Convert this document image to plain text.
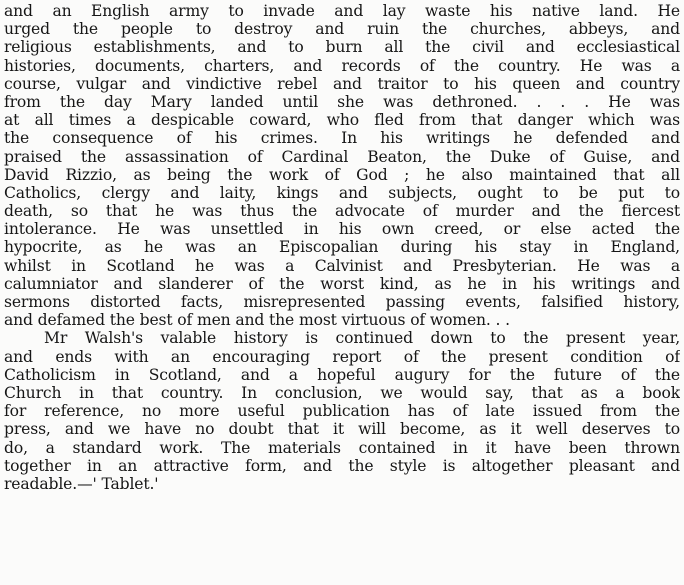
and an English army to invade and lay waste his native land. He
urged the people to destroy and ruin the churches, abbeys, and
religious establishments, and to burn all the civil and ecclesiastical
histories, documents, charters, and records of the country. He was a
course, vulgar and vindictive rebel and traitor to his queen and country
from the day Mary landed until she was dethroned. . . . He was
at all times a despicable coward, who fled from that danger which was
the consequence of his crimes. In his writings he defended and
praised the assassination of Cardinal Beaton, the Duke of Guise, and
David Rizzio, as being the work of God ; he also maintained that all
Catholics, clergy and laity, kings and subjects, ought to be put to
death, so that he was thus the advocate of murder and the fiercest
intolerance. He was unsettled in his own creed, or else acted the
hypocrite, as he was an Episcopalian during his stay in England,
whilst in Scotland he was a Calvinist and Presbyterian. He was a
calumniator and slanderer of the worst kind, as he in his writings and
sermons distorted facts, misrepresented passing events, falsified history,
and defamed the best of men and the most virtuous of women. . .
Mr Walsh's valable history is continued down to the present year,
and ends with an encouraging report of the present condition of
Catholicism in Scotland, and a hopeful augury for the future of the
Church in that country. In conclusion, we would say, that as a book
for reference, no more useful publication has of late issued from the
press, and we have no doubt that it will become, as it well deserves to
do, a standard work. The materials contained in it have been thrown
together in an attractive form, and the style is altogether pleasant and
readable.—' Tablet.'
